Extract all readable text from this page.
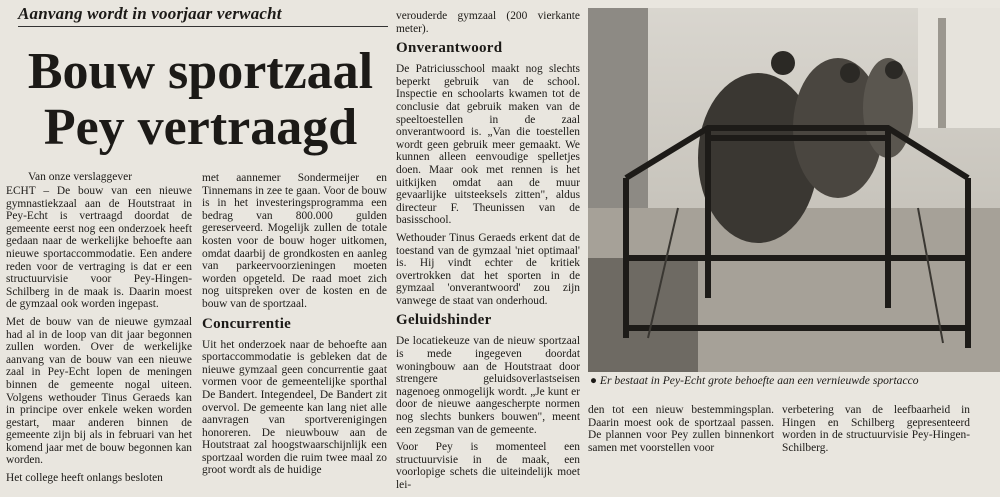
Aanvang wordt in voorjaar verwacht
Bouw sportzaal
Pey vertraagd
Van onze verslaggever

ECHT – De bouw van een nieuwe gymnastiekzaal aan de Houtstraat in Pey-Echt is vertraagd doordat de gemeente eerst nog een onderzoek heeft gedaan naar de werkelijke behoefte aan nieuwe sportaccommodatie. Een andere reden voor de vertraging is dat er een structuurvisie voor Pey-Hingen-Schilberg in de maak is. Daarin moest de gymzaal ook worden ingepast.

Met de bouw van de nieuwe gymzaal had al in de loop van dit jaar begonnen zullen worden. Over de werkelijke aanvang van de bouw van een nieuwe zaal in Pey-Echt lopen de meningen binnen de gemeente nogal uiteen. Volgens wethouder Tinus Geraeds kan in principe over enkele weken worden gestart, maar anderen binnen de gemeente zijn bij als in februari van het komend jaar met de bouw begonnen kan worden.

Het college heeft onlangs besloten

met aannemer Sondermeijer en Tinnemans in zee te gaan. Voor de bouw is in het investeringsprogramma een bedrag van 800.000 gulden gereserveerd. Mogelijk zullen de totale kosten voor de bouw hoger uitkomen, omdat daarbij de grondkosten en aanleg van parkeervoorzieningen moeten worden opgeteld. De raad moet zich nog uitspreken over de kosten en de bouw van de sportzaal.

Concurrentie

Uit het onderzoek naar de behoefte aan sportaccommodatie is gebleken dat de nieuwe gymzaal geen concurrentie gaat vormen voor de gemeentelijke sporthal De Bandert. Integendeel, De Bandert zit overvol. De gemeente kan lang niet alle aanvragen van sportverenigingen honoreren. De nieuwbouw aan de Houtstraat zal hoogstwaarschijnlijk een sportzaal worden die ruim twee maal zo groot wordt als de huidige

verouderde gymzaal (200 vierkante meter).

Onverantwoord

De Patriciusschool maakt nog slechts beperkt gebruik van de school. Inspectie en schoolarts kwamen tot de conclusie dat gebruik maken van de speeltoestellen in de zaal onverantwoord is. „Van die toestellen wordt geen gebruik meer gemaakt. We kunnen alleen eenvoudige spelletjes doen. Maar ook met rennen is het uitkijken omdat aan de muur gevaarlijke uitsteeksels zitten", aldus directeur F. Theunissen van de basisschool.

Wethouder Tinus Geraeds erkent dat de toestand van de gymzaal 'niet optimaal' is. Hij vindt echter de kritiek overtrokken dat het sporten in de gymzaal 'onverantwoord' zou zijn vanwege de staat van onderhoud.

Geluidshinder

De locatiekeuze van de nieuw sportzaal is mede ingegeven doordat woningbouw aan de Houtstraat door strengere geluidsoverlastseisen nagenoeg onmogelijk wordt. „Je kunt er door de nieuwe aangescherpte normen nog slechts bunkers bouwen", meent een zegsman van de gemeente.

Voor Pey is momenteel een structuurvisie in de maak, een voorlopige schets die uiteindelijk moet lei-

● Er bestaat in Pey-Echt grote behoefte aan een vernieuwde sportacco

den tot een nieuw bestemmingsplan. Daarin moest ook de sportzaal passen. De plannen voor Pey zullen binnenkort samen met voorstellen voor

verbetering van de leefbaarheid in Hingen en Schilberg gepresenteerd worden in de structuurvisie Pey-Hingen-Schilberg.
